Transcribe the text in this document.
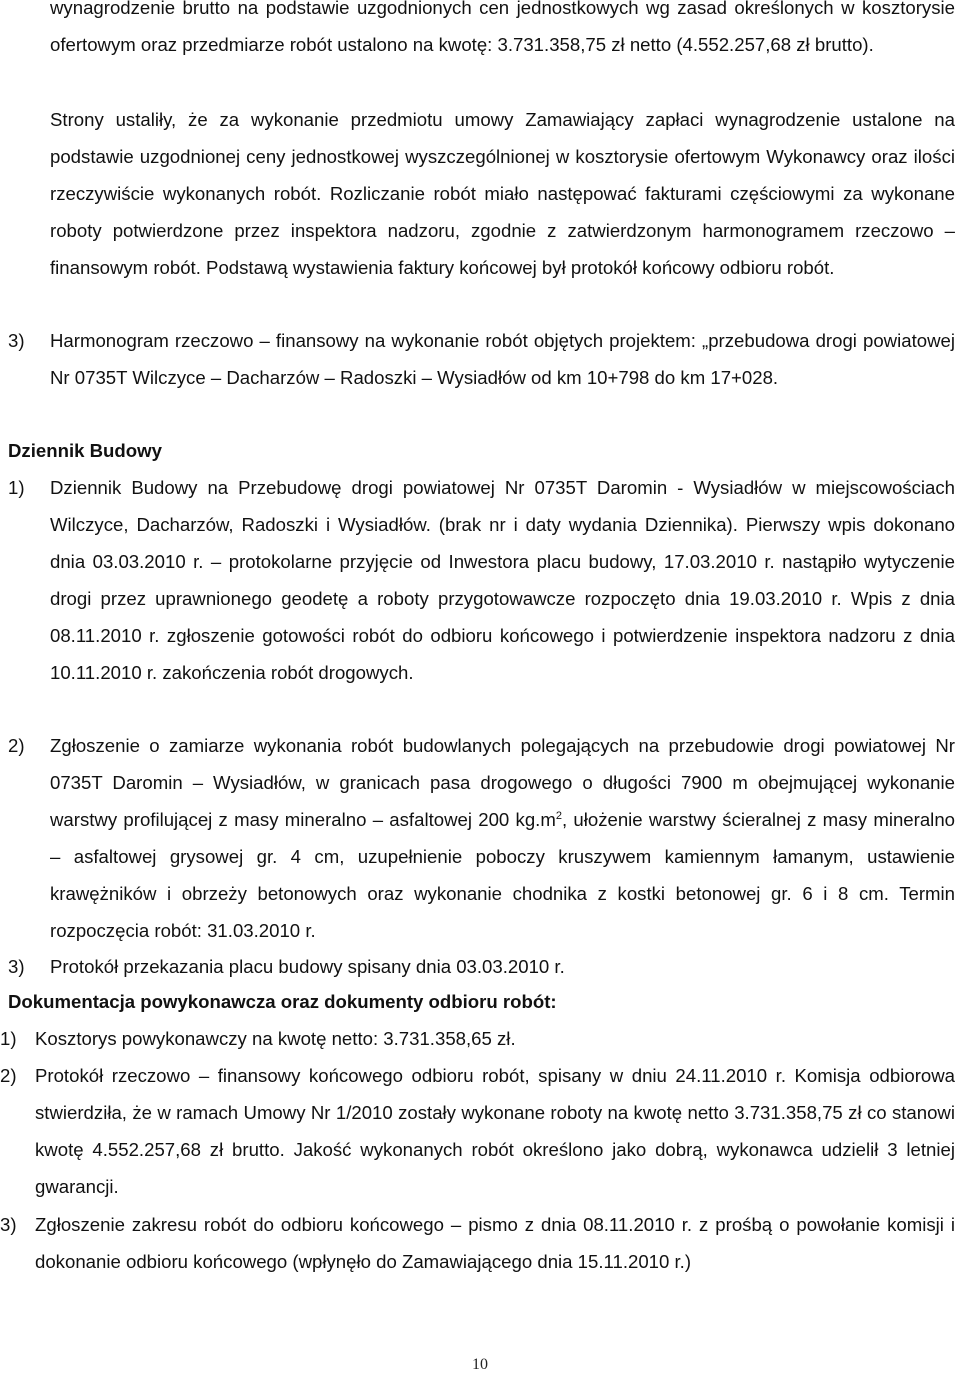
wynagrodzenie brutto na podstawie uzgodnionych cen jednostkowych wg zasad określonych w kosztorysie ofertowym oraz przedmiarze robót ustalono na kwotę: 3.731.358,75 zł netto (4.552.257,68 zł brutto).

Strony ustaliły, że za wykonanie przedmiotu umowy Zamawiający zapłaci wynagrodzenie ustalone na podstawie uzgodnionej ceny jednostkowej wyszczególnionej w kosztorysie ofertowym Wykonawcy oraz ilości rzeczywiście wykonanych robót. Rozliczanie robót miało następować fakturami częściowymi za wykonane roboty potwierdzone przez inspektora nadzoru, zgodnie z zatwierdzonym harmonogramem rzeczowo – finansowym robót. Podstawą wystawienia faktury końcowej był protokół końcowy odbioru robót.

3) Harmonogram rzeczowo – finansowy na wykonanie robót objętych projektem: „przebudowa drogi powiatowej Nr 0735T Wilczyce – Dacharzów – Radoszki – Wysiadłów od km 10+798 do km 17+028.

Dziennik Budowy
1) Dziennik Budowy na Przebudowę drogi powiatowej Nr 0735T Daromin - Wysiadłów w miejscowościach Wilczyce, Dacharzów, Radoszki i Wysiadłów. (brak nr i daty wydania Dziennika). Pierwszy wpis dokonano dnia 03.03.2010 r. – protokolarne przyjęcie od Inwestora placu budowy, 17.03.2010 r. nastąpiło wytyczenie drogi przez uprawnionego geodetę a roboty przygotowawcze rozpoczęto dnia 19.03.2010 r. Wpis z dnia 08.11.2010 r. zgłoszenie gotowości robót do odbioru końcowego i potwierdzenie inspektora nadzoru z dnia 10.11.2010 r. zakończenia robót drogowych.

2) Zgłoszenie o zamiarze wykonania robót budowlanych polegających na przebudowie drogi powiatowej Nr 0735T Daromin – Wysiadłów, w granicach pasa drogowego o długości 7900 m obejmującej wykonanie warstwy profilującej z masy mineralno – asfaltowej 200 $kg.m^2$, ułożenie warstwy ścieralnej z masy mineralno – asfaltowej grysowej gr. 4 cm, uzupełnienie poboczy kruszywem kamiennym łamanym, ustawienie krawężników i obrzeży betonowych oraz wykonanie chodnika z kostki betonowej gr. 6 i 8 cm. Termin rozpoczęcia robót: 31.03.2010 r.

3) Protokół przekazania placu budowy spisany dnia 03.03.2010 r.

Dokumentacja powykonawcza oraz dokumenty odbioru robót:
1) Kosztorys powykonawczy na kwotę netto: 3.731.358,65 zł.

2) Protokół rzeczowo – finansowy końcowego odbioru robót, spisany w dniu 24.11.2010 r. Komisja odbiorowa stwierdziła, że w ramach Umowy Nr 1/2010 zostały wykonane roboty na kwotę netto 3.731.358,75 zł co stanowi kwotę 4.552.257,68 zł brutto. Jakość wykonanych robót określono jako dobrą, wykonawca udzielił 3 letniej gwarancji.

3) Zgłoszenie zakresu robót do odbioru końcowego – pismo z dnia 08.11.2010 r. z prośbą o powołanie komisji i dokonanie odbioru końcowego (wpłynęło do Zamawiającego dnia 15.11.2010 r.)

10
